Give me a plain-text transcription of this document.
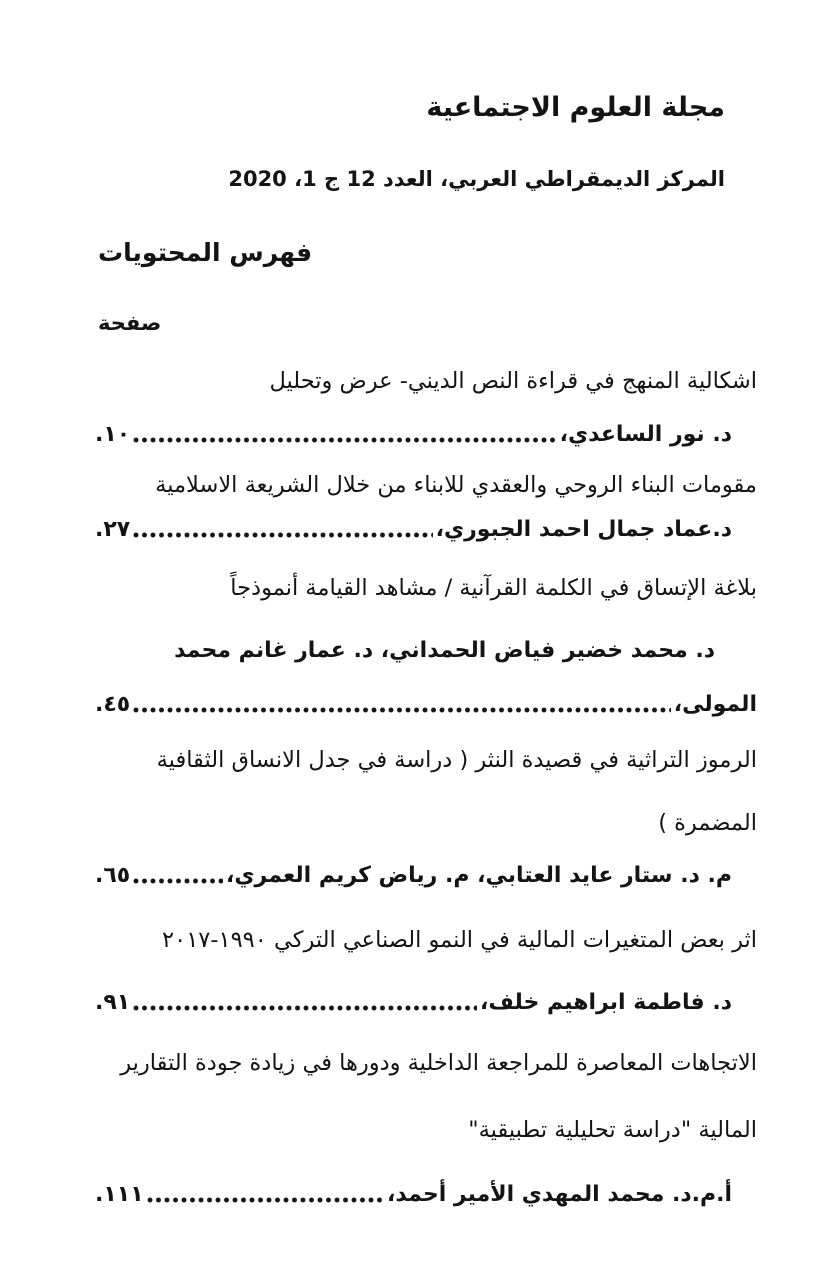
مجلة العلوم الاجتماعية
المركز الديمقراطي العربي، العدد 12 ج 1، 2020
فهرس المحتويات
صفحة
اشكالية المنهج في قراءة النص الديني- عرض وتحليل
د. نور الساعدي،
١٠.
مقومات البناء الروحي والعقدي للابناء من خلال الشريعة الاسلامية
د.عماد جمال احمد الجبوري،
٢٧.
بلاغة الإتساق في الكلمة القرآنية / مشاهد القيامة أنموذجاً
د. محمد خضير فياض الحمداني، د. عمار غانم محمد
المولى،
٤٥.
الرموز التراثية في قصيدة النثر ( دراسة في جدل الانساق الثقافية
المضمرة )
م. د. ستار عايد العتابي، م. رياض كريم العمري،
٦٥.
اثر بعض المتغيرات المالية في النمو الصناعي التركي ١٩٩٠-٢٠١٧
د. فاطمة ابراهيم خلف،
٩١.
الاتجاهات المعاصرة للمراجعة الداخلية ودورها في زيادة جودة التقارير
المالية "دراسة تحليلية تطبيقية"
أ.م.د. محمد المهدي الأمير أحمد،
١١١.
